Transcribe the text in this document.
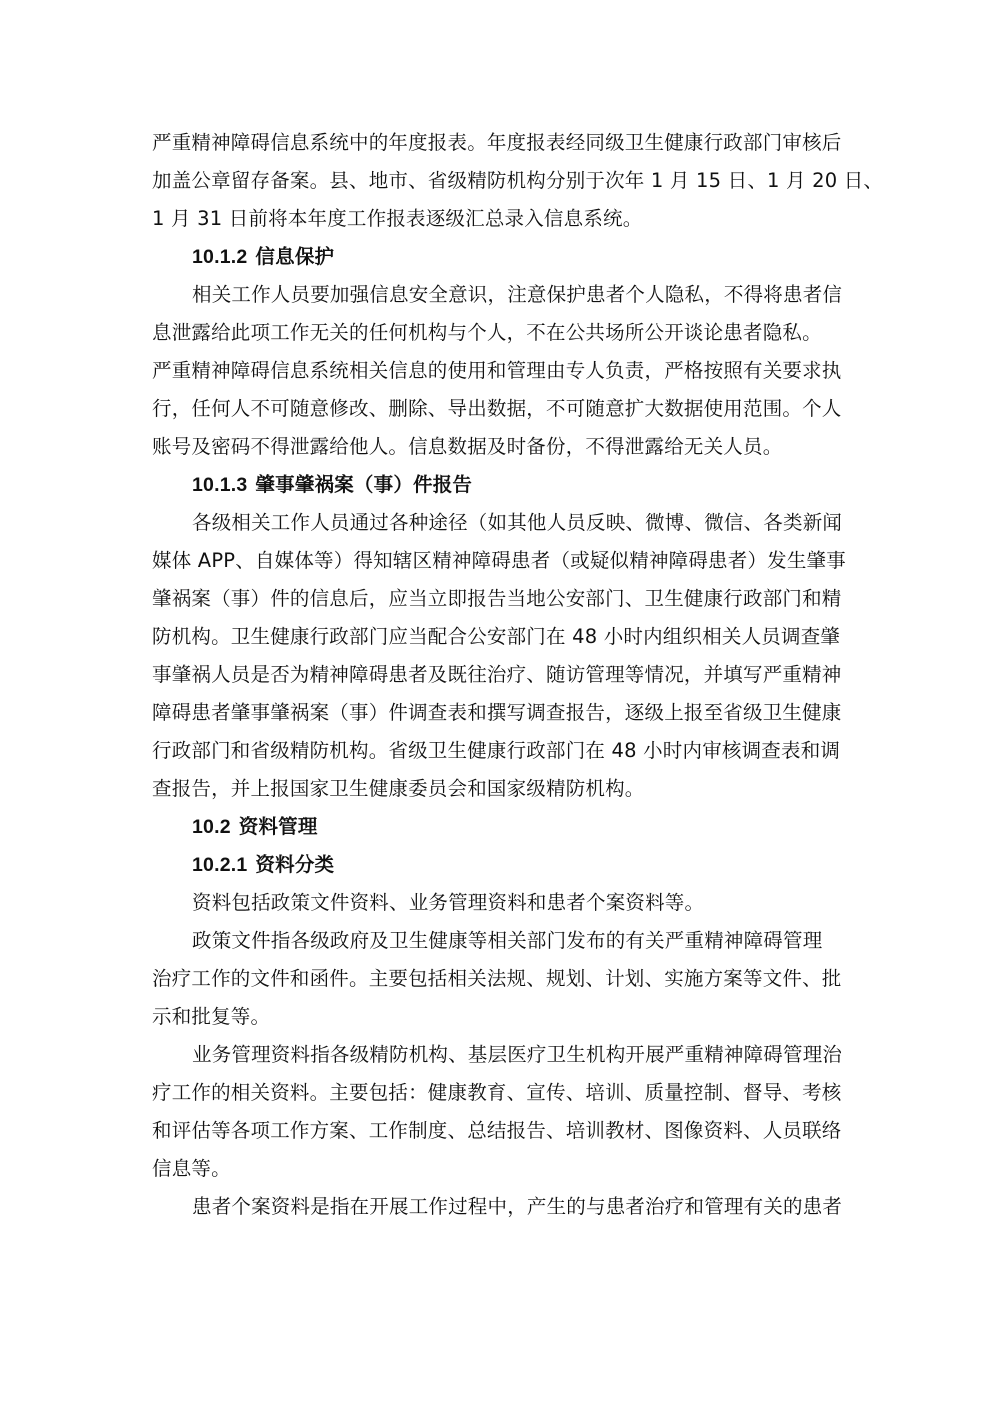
严重精神障碍信息系统中的年度报表。年度报表经同级卫生健康行政部门审核后
加盖公章留存备案。县、地市、省级精防机构分别于次年 1 月 15 日、1 月 20 日、
1 月 31 日前将本年度工作报表逐级汇总录入信息系统。
10.1.2 信息保护
相关工作人员要加强信息安全意识，注意保护患者个人隐私，不得将患者信
息泄露给此项工作无关的任何机构与个人，不在公共场所公开谈论患者隐私。
严重精神障碍信息系统相关信息的使用和管理由专人负责，严格按照有关要求执
行，任何人不可随意修改、删除、导出数据，不可随意扩大数据使用范围。个人
账号及密码不得泄露给他人。信息数据及时备份，不得泄露给无关人员。
10.1.3 肇事肇祸案（事）件报告
各级相关工作人员通过各种途径（如其他人员反映、微博、微信、各类新闻
媒体 APP、自媒体等）得知辖区精神障碍患者（或疑似精神障碍患者）发生肇事
肇祸案（事）件的信息后，应当立即报告当地公安部门、卫生健康行政部门和精
防机构。卫生健康行政部门应当配合公安部门在 48 小时内组织相关人员调查肇
事肇祸人员是否为精神障碍患者及既往治疗、随访管理等情况，并填写严重精神
障碍患者肇事肇祸案（事）件调查表和撰写调查报告，逐级上报至省级卫生健康
行政部门和省级精防机构。省级卫生健康行政部门在 48 小时内审核调查表和调
查报告，并上报国家卫生健康委员会和国家级精防机构。
10.2 资料管理
10.2.1 资料分类
资料包括政策文件资料、业务管理资料和患者个案资料等。
政策文件指各级政府及卫生健康等相关部门发布的有关严重精神障碍管理
治疗工作的文件和函件。主要包括相关法规、规划、计划、实施方案等文件、批
示和批复等。
业务管理资料指各级精防机构、基层医疗卫生机构开展严重精神障碍管理治
疗工作的相关资料。主要包括：健康教育、宣传、培训、质量控制、督导、考核
和评估等各项工作方案、工作制度、总结报告、培训教材、图像资料、人员联络
信息等。
患者个案资料是指在开展工作过程中，产生的与患者治疗和管理有关的患者
